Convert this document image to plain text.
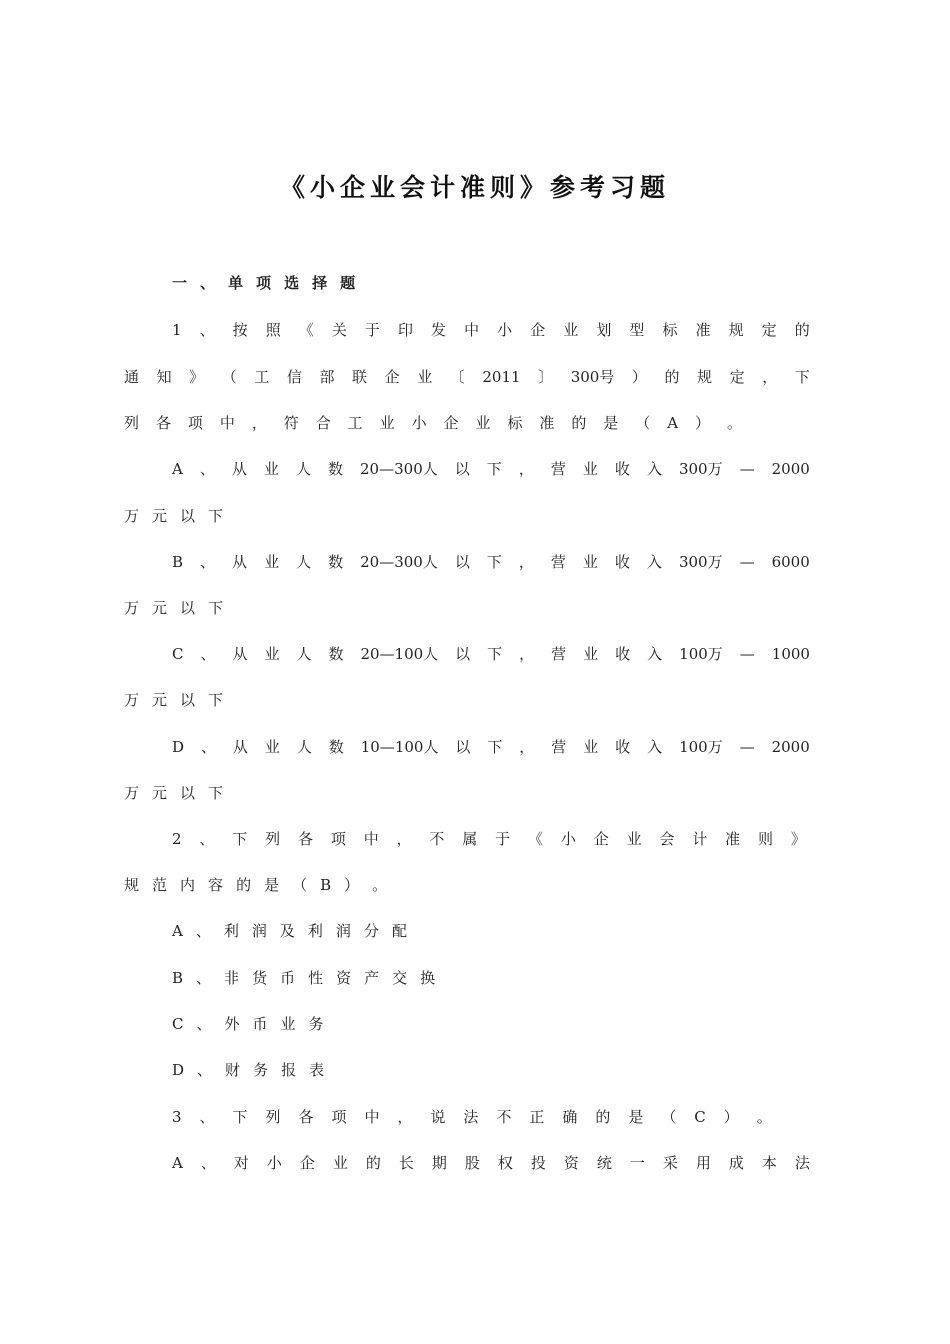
《小企业会计准则》参考习题
一 、 单 项 选 择 题
1 、 按 照 《 关 于 印 发 中 小 企 业 划 型 标 准 规 定 的
通 知 》 （ 工 信 部 联 企 业 〔 2011 〕 300号 ） 的 规 定 ， 下
列 各 项 中 ， 符 合 工 业 小 企 业 标 准 的 是 （ A ） 。
A 、 从 业 人 数 20—300人 以 下 ， 营 业 收 入 300万 — 2000
万 元 以 下
B 、 从 业 人 数 20—300人 以 下 ， 营 业 收 入 300万 — 6000
万 元 以 下
C 、 从 业 人 数 20—100人 以 下 ， 营 业 收 入 100万 — 1000
万 元 以 下
D 、 从 业 人 数 10—100人 以 下 ， 营 业 收 入 100万 — 2000
万 元 以 下
2 、 下 列 各 项 中 ， 不 属 于 《 小 企 业 会 计 准 则 》
规 范 内 容 的 是 （ B ） 。
A 、 利 润 及 利 润 分 配
B 、 非 货 币 性 资 产 交 换
C 、 外 币 业 务
D 、 财 务 报 表
3 、 下 列 各 项 中 ， 说 法 不 正 确 的 是 （ C ） 。
A 、 对 小 企 业 的 长 期 股 权 投 资 统 一 采 用 成 本 法
